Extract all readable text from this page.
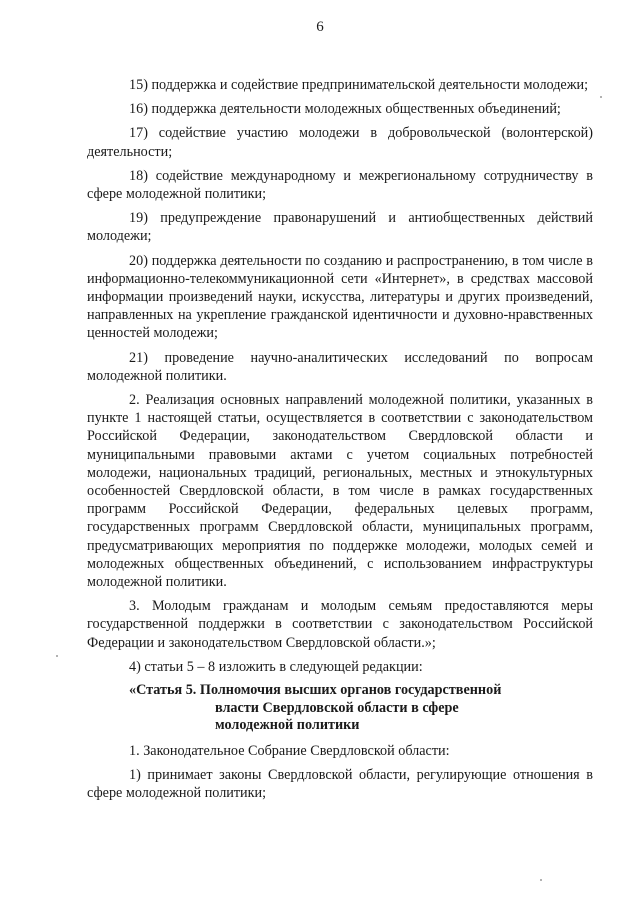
6

15) поддержка и содействие предпринимательской деятельности молодежи;

16) поддержка деятельности молодежных общественных объединений;

17) содействие участию молодежи в добровольческой (волонтерской) деятельности;

18) содействие международному и межрегиональному сотрудничеству в сфере молодежной политики;

19) предупреждение правонарушений и антиобщественных действий молодежи;

20) поддержка деятельности по созданию и распространению, в том числе в информационно-телекоммуникационной сети «Интернет», в средствах массовой информации произведений науки, искусства, литературы и других произведений, направленных на укрепление гражданской идентичности и духовно-нравственных ценностей молодежи;

21) проведение научно-аналитических исследований по вопросам молодежной политики.

2. Реализация основных направлений молодежной политики, указанных в пункте 1 настоящей статьи, осуществляется в соответствии с законодательством Российской Федерации, законодательством Свердловской области и муниципальными правовыми актами с учетом социальных потребностей молодежи, национальных традиций, региональных, местных и этнокультурных особенностей Свердловской области, в том числе в рамках государственных программ Российской Федерации, федеральных целевых программ, государственных программ Свердловской области, муниципальных программ, предусматривающих мероприятия по поддержке молодежи, молодых семей и молодежных общественных объединений, с использованием инфраструктуры молодежной политики.

3. Молодым гражданам и молодым семьям предоставляются меры государственной поддержки в соответствии с законодательством Российской Федерации и законодательством Свердловской области.»;

4) статьи 5 – 8 изложить в следующей редакции:

«Статья 5. Полномочия высших органов государственной
власти Свердловской области в сфере
молодежной политики

1. Законодательное Собрание Свердловской области:

1) принимает законы Свердловской области, регулирующие отношения в сфере молодежной политики;
